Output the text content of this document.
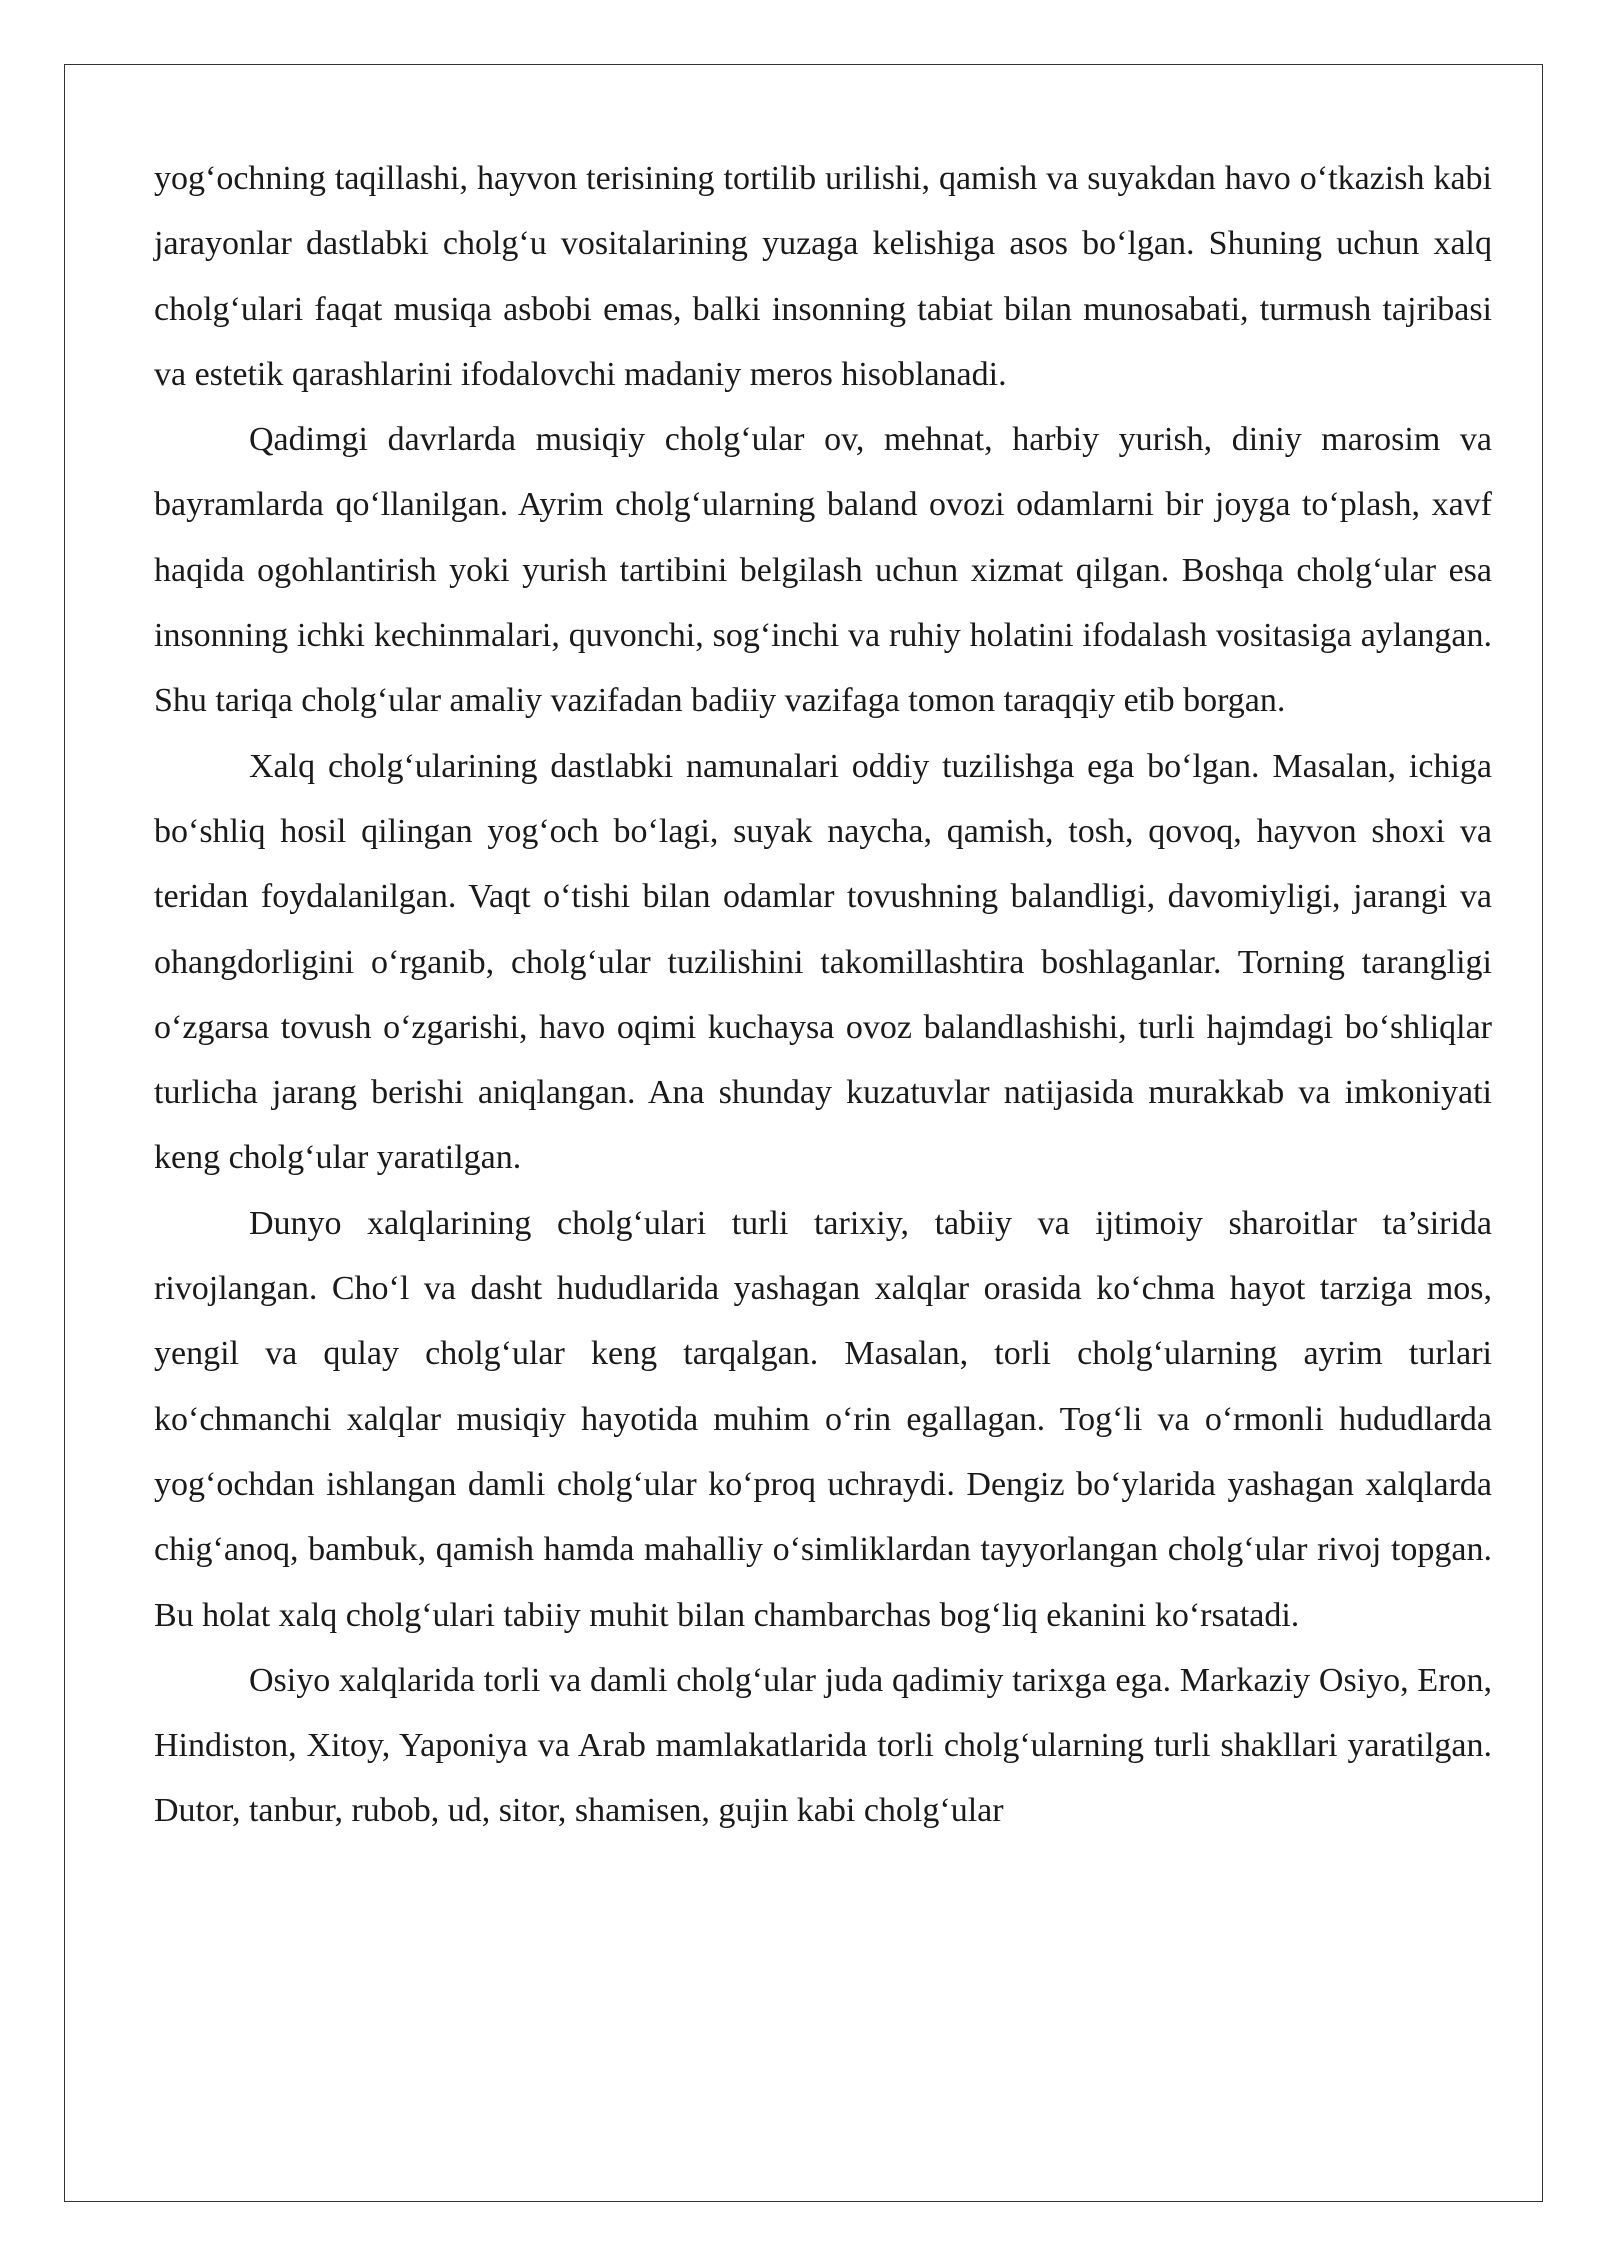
yog‘ochning taqillashi, hayvon terisining tortilib urilishi, qamish va suyakdan havo o‘tkazish kabi jarayonlar dastlabki cholg‘u vositalarining yuzaga kelishiga asos bo‘lgan. Shuning uchun xalq cholg‘ulari faqat musiqa asbobi emas, balki insonning tabiat bilan munosabati, turmush tajribasi va estetik qarashlarini ifodalovchi madaniy meros hisoblanadi.

Qadimgi davrlarda musiqiy cholg‘ular ov, mehnat, harbiy yurish, diniy marosim va bayramlarda qo‘llanilgan. Ayrim cholg‘ularning baland ovozi odamlarni bir joyga to‘plash, xavf haqida ogohlantirish yoki yurish tartibini belgilash uchun xizmat qilgan. Boshqa cholg‘ular esa insonning ichki kechinmalari, quvonchi, sog‘inchi va ruhiy holatini ifodalash vositasiga aylangan. Shu tariqa cholg‘ular amaliy vazifadan badiiy vazifaga tomon taraqqiy etib borgan.

Xalq cholg‘ularining dastlabki namunalari oddiy tuzilishga ega bo‘lgan. Masalan, ichiga bo‘shliq hosil qilingan yog‘och bo‘lagi, suyak naycha, qamish, tosh, qovoq, hayvon shoxi va teridan foydalanilgan. Vaqt o‘tishi bilan odamlar tovushning balandligi, davomiyligi, jarangi va ohangdorligini o‘rganib, cholg‘ular tuzilishini takomillashtira boshlaganlar. Torning tarangligi o‘zgarsa tovush o‘zgarishi, havo oqimi kuchaysa ovoz balandlashishi, turli hajmdagi bo‘shliqlar turlicha jarang berishi aniqlangan. Ana shunday kuzatuvlar natijasida murakkab va imkoniyati keng cholg‘ular yaratilgan.

Dunyo xalqlarining cholg‘ulari turli tarixiy, tabiiy va ijtimoiy sharoitlar ta’sirida rivojlangan. Cho‘l va dasht hududlarida yashagan xalqlar orasida ko‘chma hayot tarziga mos, yengil va qulay cholg‘ular keng tarqalgan. Masalan, torli cholg‘ularning ayrim turlari ko‘chmanchi xalqlar musiqiy hayotida muhim o‘rin egallagan. Tog‘li va o‘rmonli hududlarda yog‘ochdan ishlangan damli cholg‘ular ko‘proq uchraydi. Dengiz bo‘ylarida yashagan xalqlarda chig‘anoq, bambuk, qamish hamda mahalliy o‘simliklardan tayyorlangan cholg‘ular rivoj topgan. Bu holat xalq cholg‘ulari tabiiy muhit bilan chambarchas bog‘liq ekanini ko‘rsatadi.

Osiyo xalqlarida torli va damli cholg‘ular juda qadimiy tarixga ega. Markaziy Osiyo, Eron, Hindiston, Xitoy, Yaponiya va Arab mamlakatlarida torli cholg‘ularning turli shakllari yaratilgan. Dutor, tanbur, rubob, ud, sitor, shamisen, gujin kabi cholg‘ular
